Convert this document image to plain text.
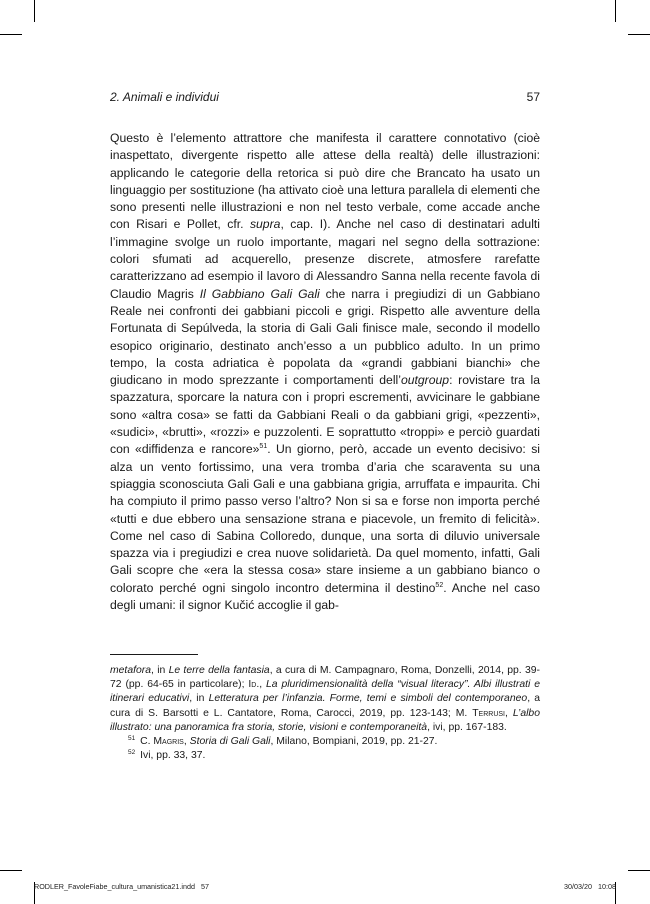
2. Animali e individui	57

Questo è l’elemento attrattore che manifesta il carattere connotativo (cioè inaspettato, divergente rispetto alle attese della realtà) delle illustrazioni: applicando le categorie della retorica si può dire che Brancato ha usato un linguaggio per sostituzione (ha attivato cioè una lettura parallela di elementi che sono presenti nelle illustrazioni e non nel testo verbale, come accade anche con Risari e Pollet, cfr. supra, cap. I). Anche nel caso di destinatari adulti l’immagine svolge un ruolo importante, magari nel segno della sottrazione: colori sfumati ad acquerello, presenze discrete, atmosfere rarefatte caratterizzano ad esempio il lavoro di Alessandro Sanna nella recente favola di Claudio Magris Il Gabbiano Gali Gali che narra i pregiudizi di un Gabbiano Reale nei confronti dei gabbiani piccoli e grigi. Rispetto alle avventure della Fortunata di Sepúlveda, la storia di Gali Gali finisce male, secondo il modello esopico originario, destinato anch’esso a un pubblico adulto. In un primo tempo, la costa adriatica è popolata da «grandi gabbiani bianchi» che giudicano in modo sprezzante i comportamenti dell’outgroup: rovistare tra la spazzatura, sporcare la natura con i propri escrementi, avvicinare le gabbiane sono «altra cosa» se fatti da Gabbiani Reali o da gabbiani grigi, «pezzenti», «sudici», «brutti», «rozzi» e puzzolenti. E soprattutto «troppi» e perciò guardati con «diffidenza e rancore»$^{51}$. Un giorno, però, accade un evento decisivo: si alza un vento fortissimo, una vera tromba d’aria che scaraventa su una spiaggia sconosciuta Gali Gali e una gabbiana grigia, arruffata e impaurita. Chi ha compiuto il primo passo verso l’altro? Non si sa e forse non importa perché «tutti e due ebbero una sensazione strana e piacevole, un fremito di felicità». Come nel caso di Sabina Colloredo, dunque, una sorta di diluvio universale spazza via i pregiudizi e crea nuove solidarietà. Da quel momento, infatti, Gali Gali scopre che «era la stessa cosa» stare insieme a un gabbiano bianco o colorato perché ogni singolo incontro determina il destino$^{52}$. Anche nel caso degli umani: il signor Kučić accoglie il gab-

metafora, in Le terre della fantasia, a cura di M. Campagnaro, Roma, Donzelli, 2014, pp. 39-72 (pp. 64-65 in particolare); Id., La pluridimensionalità della “visual literacy”. Albi illustrati e itinerari educativi, in Letteratura per l’infanzia. Forme, temi e simboli del contemporaneo, a cura di S. Barsotti e L. Cantatore, Roma, Carocci, 2019, pp. 123-143; M. Terrusi, L’albo illustrato: una panoramica fra storia, storie, visioni e contemporaneità, ivi, pp. 167-183.

$^{51}$ C. Magris, Storia di Gali Gali, Milano, Bompiani, 2019, pp. 21-27.

$^{52}$ Ivi, pp. 33, 37.

RODLER_FavoleFiabe_cultura_umanistica21.indd   57	30/03/20   10:08
